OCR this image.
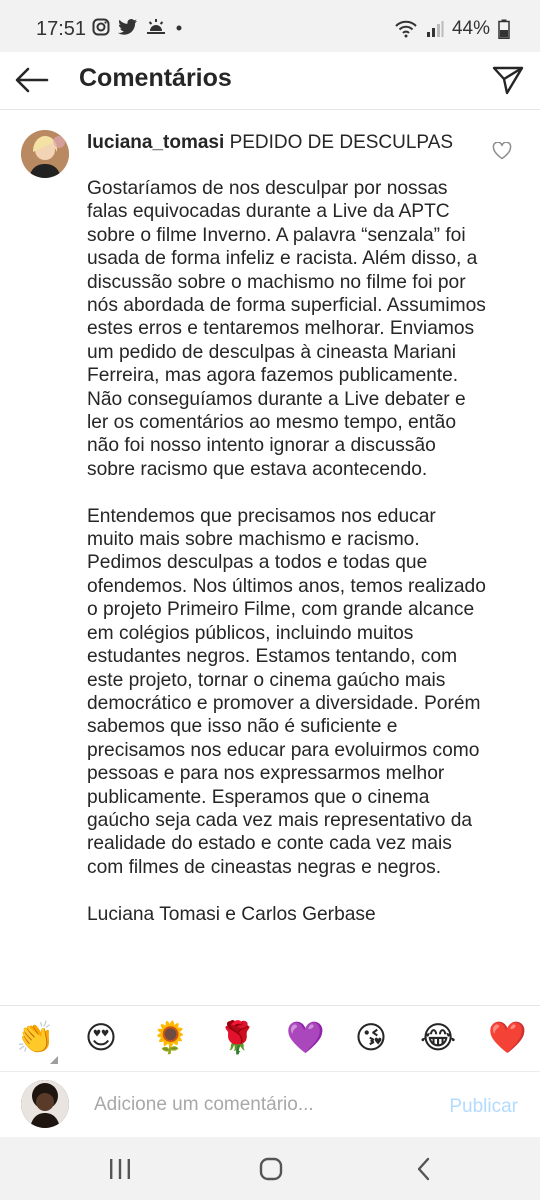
17:51	44%
Comentários
luciana_tomasi PEDIDO DE DESCULPAS

Gostaríamos de nos desculpar por nossas falas equivocadas durante a Live da APTC sobre o filme Inverno. A palavra “senzala” foi usada de forma infeliz e racista. Além disso, a discussão sobre o machismo no filme foi por nós abordada de forma superficial. Assumimos estes erros e tentaremos melhorar. Enviamos um pedido de desculpas à cineasta Mariani Ferreira, mas agora fazemos publicamente. Não conseguíamos durante a Live debater e ler os comentários ao mesmo tempo, então não foi nosso intento ignorar a discussão sobre racismo que estava acontecendo.

Entendemos que precisamos nos educar muito mais sobre machismo e racismo. Pedimos desculpas a todos e todas que ofendemos. Nos últimos anos, temos realizado o projeto Primeiro Filme, com grande alcance em colégios públicos, incluindo muitos estudantes negros. Estamos tentando, com este projeto, tornar o cinema gaúcho mais democrático e promover a diversidade. Porém sabemos que isso não é suficiente e precisamos nos educar para evoluirmos como pessoas e para nos expressarmos melhor publicamente. Esperamos que o cinema gaúcho seja cada vez mais representativo da realidade do estado e conte cada vez mais com filmes de cineastas negras e negros.

Luciana Tomasi e Carlos Gerbase

👏 😍 🌻 🌹 💜 😘 😂 ❤️
Adicione um comentário...
Publicar
